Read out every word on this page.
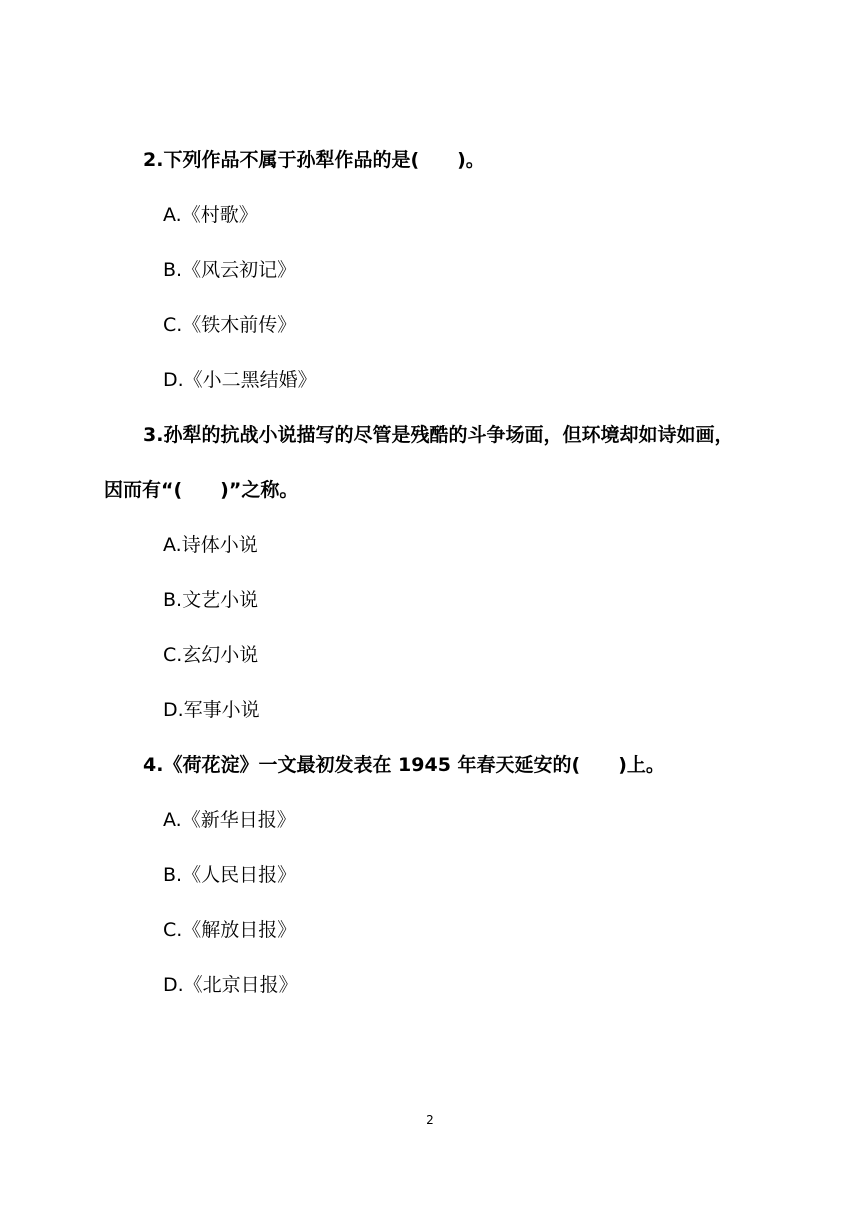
2.下列作品不属于孙犁作品的是(　　)。
A.《村歌》
B.《风云初记》
C.《铁木前传》
D.《小二黑结婚》
3.孙犁的抗战小说描写的尽管是残酷的斗争场面，但环境却如诗如画，
因而有“(　　)”之称。
A.诗体小说
B.文艺小说
C.玄幻小说
D.军事小说
4.《荷花淀》一文最初发表在 1945 年春天延安的(　　)上。
A.《新华日报》
B.《人民日报》
C.《解放日报》
D.《北京日报》
2
